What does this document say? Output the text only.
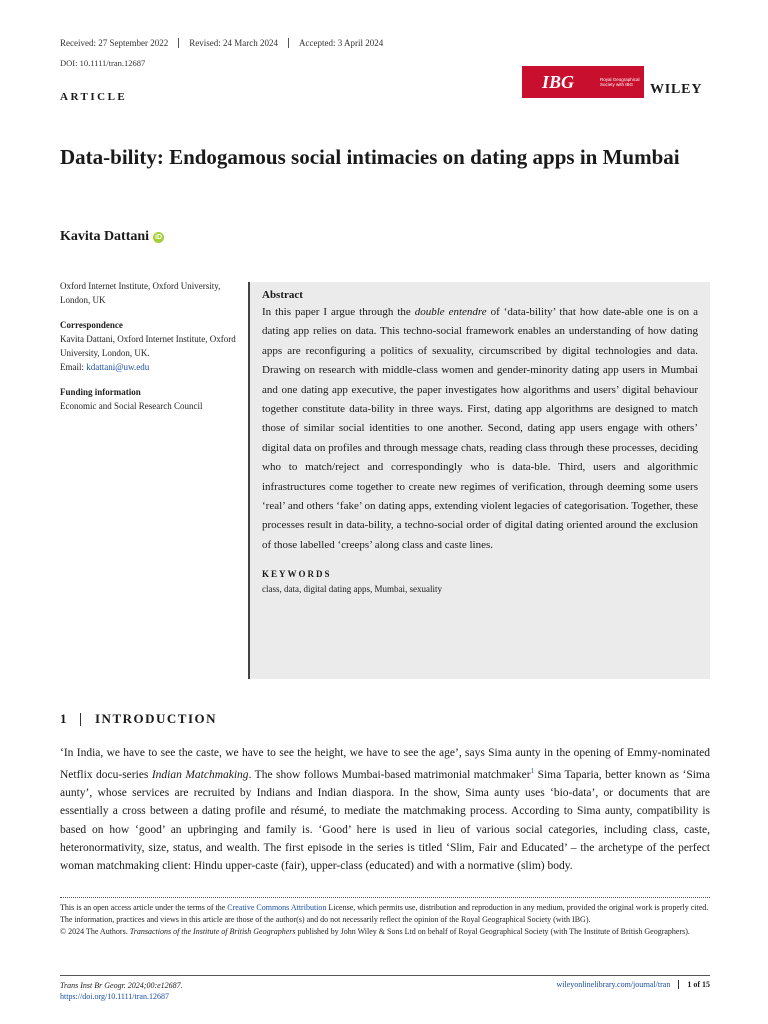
Received: 27 September 2022	Revised: 24 March 2024	Accepted: 3 April 2024
DOI: 10.1111/tran.12687
ARTICLE
IBG	Royal Geographical Society with IBG	WILEY
Data-bility: Endogamous social intimacies on dating apps in Mumbai
Kavita Dattani iD
Oxford Internet Institute, Oxford University, London, UK
Correspondence
Kavita Dattani, Oxford Internet Institute, Oxford University, London, UK.
Email: kdattani@uw.edu
Funding information
Economic and Social Research Council
Abstract

In this paper I argue through the double entendre of ‘data-bility’ that how date-able one is on a dating app relies on data. This techno-social framework enables an understanding of how dating apps are reconfiguring a politics of sexuality, circumscribed by digital technologies and data. Drawing on research with middle-class women and gender-minority dating app users in Mumbai and one dating app executive, the paper investigates how algorithms and users’ digital behaviour together constitute data-bility in three ways. First, dating app algorithms are designed to match those of similar social identities to one another. Second, dating app users engage with others’ digital data on profiles and through message chats, reading class through these processes, deciding who to match/reject and correspondingly who is data-ble. Third, users and algorithmic infrastructures come together to create new regimes of verification, through deeming some users ‘real’ and others ‘fake’ on dating apps, extending violent legacies of categorisation. Together, these processes result in data-bility, a techno-social order of digital dating oriented around the exclusion of those labelled ‘creeps’ along class and caste lines.

KEYWORDS
class, data, digital dating apps, Mumbai, sexuality
1 INTRODUCTION

‘In India, we have to see the caste, we have to see the height, we have to see the age’, says Sima aunty in the opening of Emmy-nominated Netflix docu-series Indian Matchmaking. The show follows Mumbai-based matrimonial matchmaker$^1$ Sima Taparia, better known as ‘Sima aunty’, whose services are recruited by Indians and Indian diaspora. In the show, Sima aunty uses ‘bio-data’, or documents that are essentially a cross between a dating profile and résumé, to mediate the matchmaking process. According to Sima aunty, compatibility is based on how ‘good’ an upbringing and family is. ‘Good’ here is used in lieu of various social categories, including class, caste, heteronormativity, size, status, and wealth. The first episode in the series is titled ‘Slim, Fair and Educated’ – the archetype of the perfect woman matchmaking client: Hindu upper-caste (fair), upper-class (educated) and with a normative (slim) body.

This is an open access article under the terms of the Creative Commons Attribution License, which permits use, distribution and reproduction in any medium, provided the original work is properly cited.
The information, practices and views in this article are those of the author(s) and do not necessarily reflect the opinion of the Royal Geographical Society (with IBG).
© 2024 The Authors. Transactions of the Institute of British Geographers published by John Wiley & Sons Ltd on behalf of Royal Geographical Society (with The Institute of British Geographers).
Trans Inst Br Geogr. 2024;00:e12687.
https://doi.org/10.1111/tran.12687
wileyonlinelibrary.com/journal/tran	1 of 15
